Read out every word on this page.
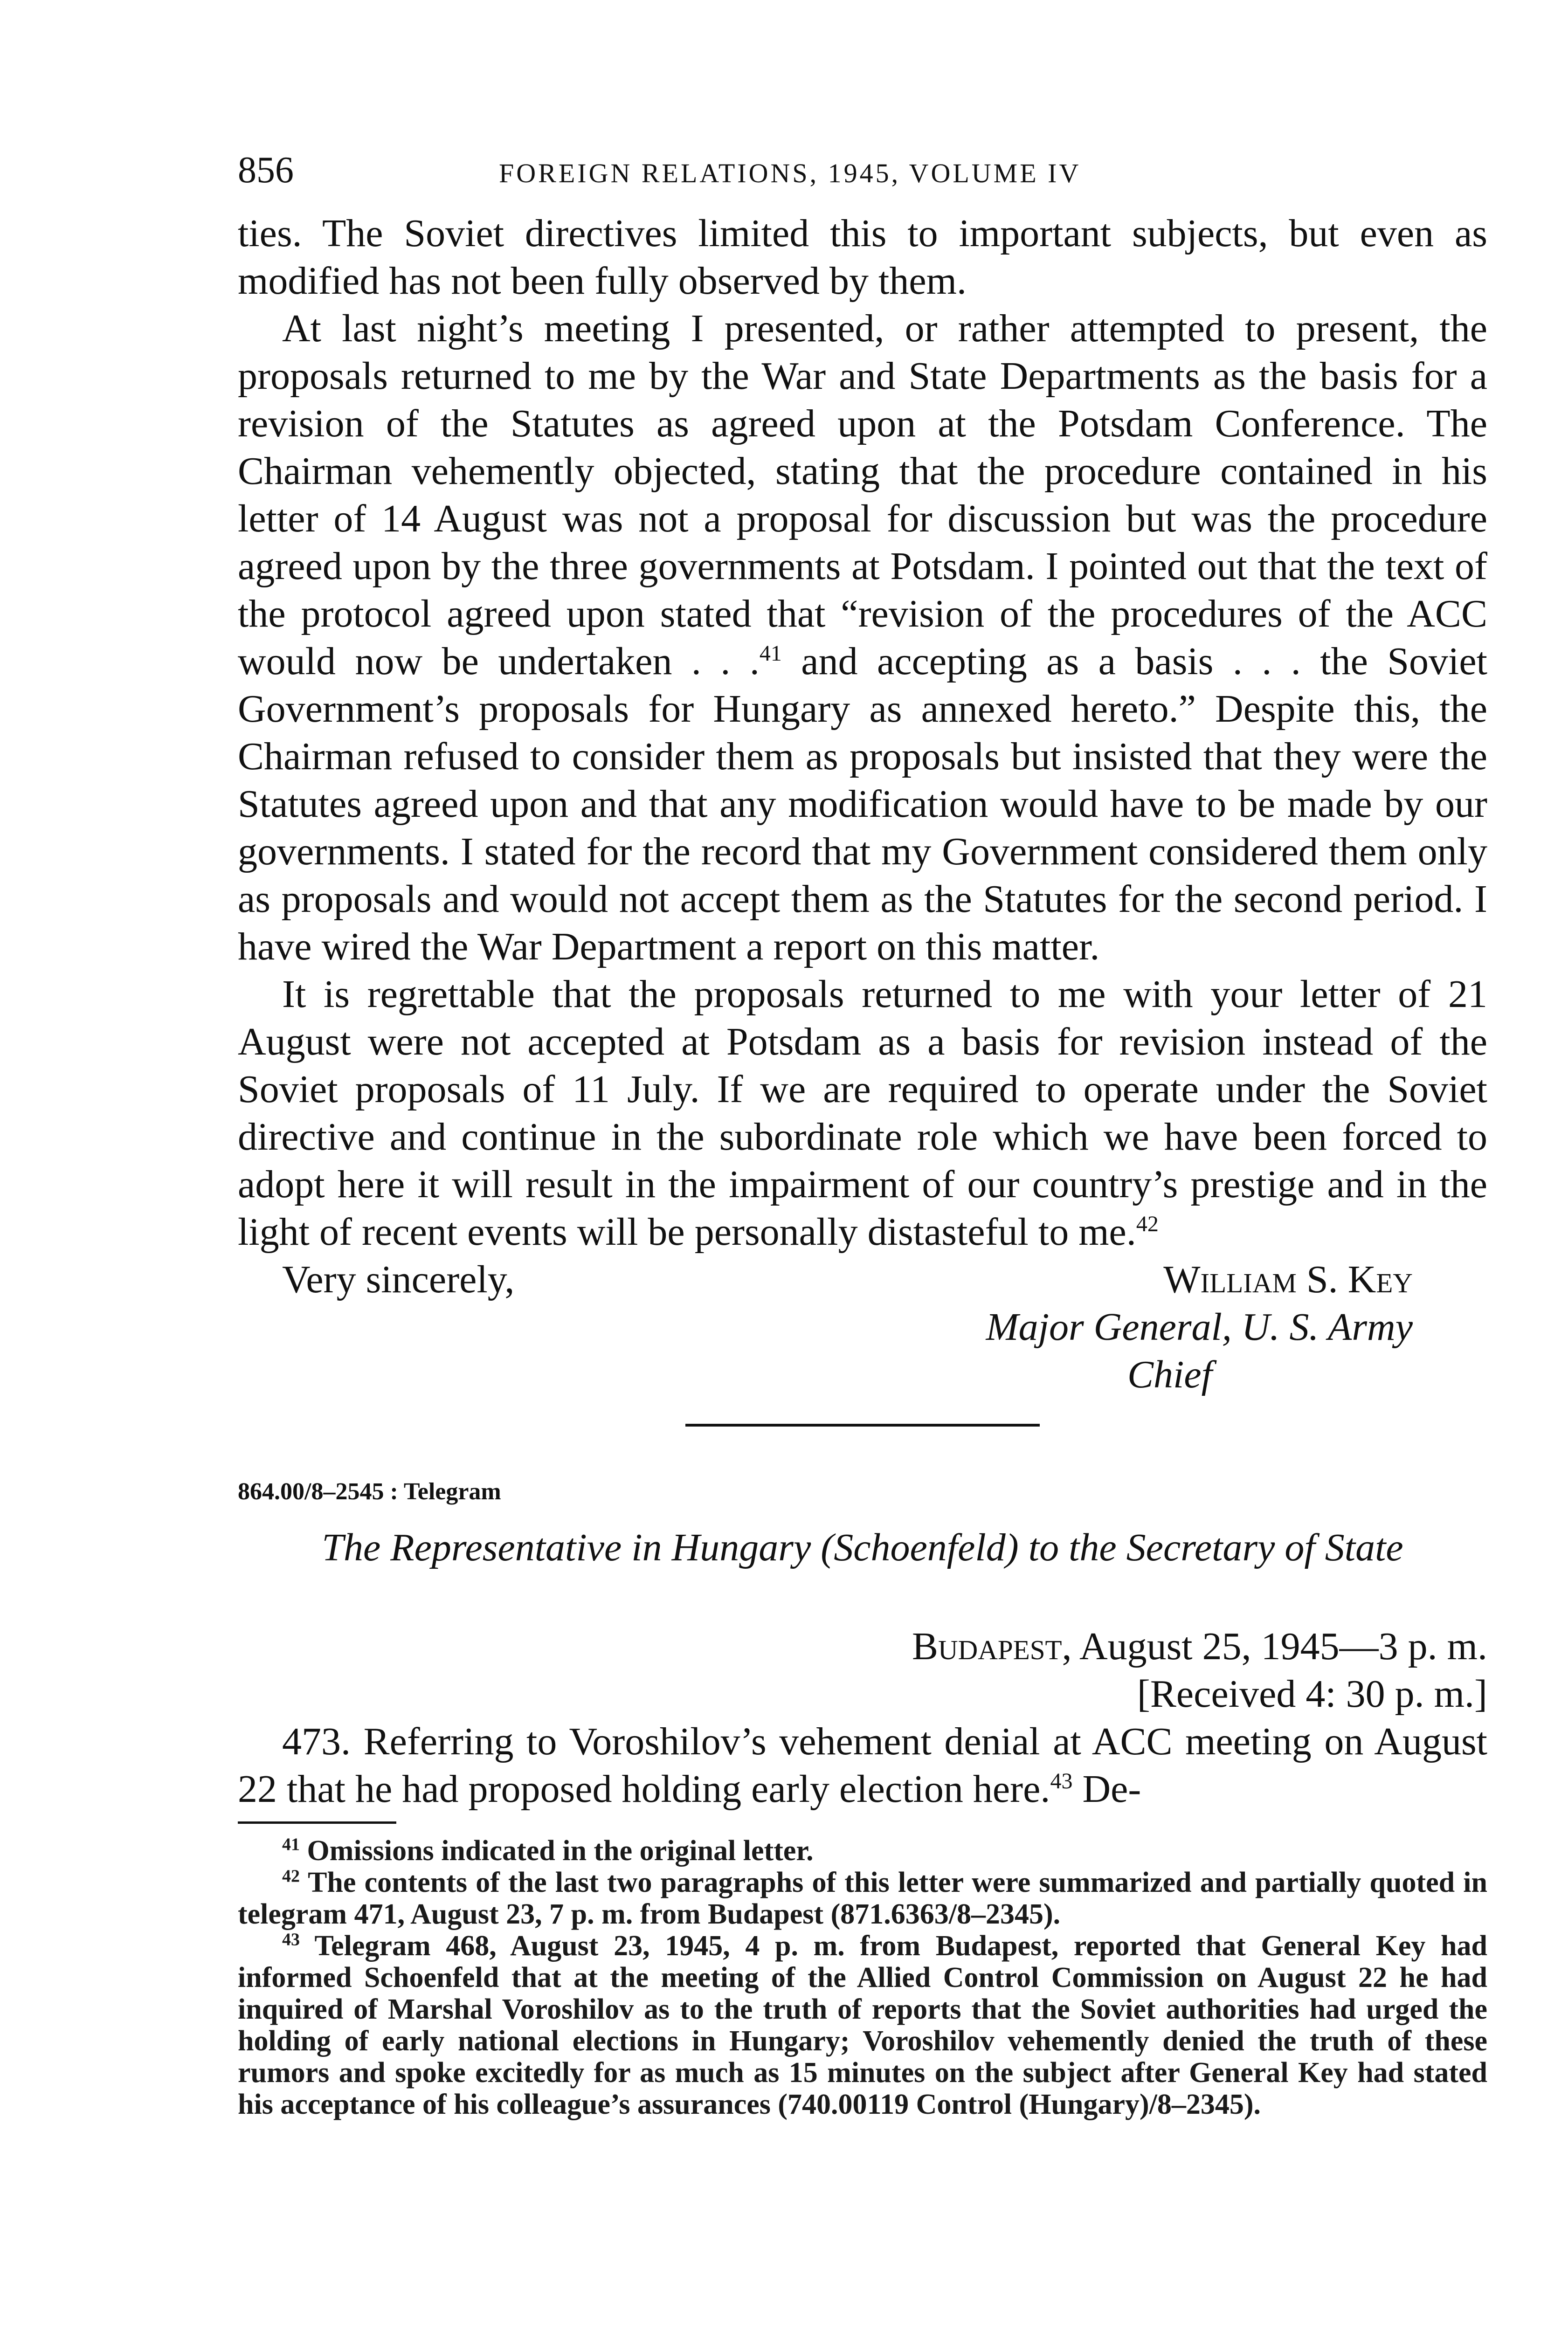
856	FOREIGN RELATIONS, 1945, VOLUME IV

ties. The Soviet directives limited this to important subjects, but even as modified has not been fully observed by them.

At last night’s meeting I presented, or rather attempted to present, the proposals returned to me by the War and State Departments as the basis for a revision of the Statutes as agreed upon at the Potsdam Conference. The Chairman vehemently objected, stating that the procedure contained in his letter of 14 August was not a proposal for discussion but was the procedure agreed upon by the three governments at Potsdam. I pointed out that the text of the protocol agreed upon stated that “revision of the procedures of the ACC would now be undertaken . . .$^{41}$ and accepting as a basis . . . the Soviet Government’s proposals for Hungary as annexed hereto.” Despite this, the Chairman refused to consider them as proposals but insisted that they were the Statutes agreed upon and that any modification would have to be made by our governments. I stated for the record that my Government considered them only as proposals and would not accept them as the Statutes for the second period. I have wired the War Department a report on this matter.

It is regrettable that the proposals returned to me with your letter of 21 August were not accepted at Potsdam as a basis for revision instead of the Soviet proposals of 11 July. If we are required to operate under the Soviet directive and continue in the subordinate role which we have been forced to adopt here it will result in the impairment of our country’s prestige and in the light of recent events will be personally distasteful to me.$^{42}$

Very sincerely,	William S. Key
Major General, U. S. Army
Chief
864.00/8–2545 : Telegram
The Representative in Hungary (Schoenfeld) to the Secretary of State
Budapest, August 25, 1945—3 p. m.
[Received 4: 30 p. m.]

473. Referring to Voroshilov’s vehement denial at ACC meeting on August 22 that he had proposed holding early election here.$^{43}$ De-

$^{41}$ Omissions indicated in the original letter.

$^{42}$ The contents of the last two paragraphs of this letter were summarized and partially quoted in telegram 471, August 23, 7 p. m. from Budapest (871.6363/8–2345).

$^{43}$ Telegram 468, August 23, 1945, 4 p. m. from Budapest, reported that General Key had informed Schoenfeld that at the meeting of the Allied Control Commission on August 22 he had inquired of Marshal Voroshilov as to the truth of reports that the Soviet authorities had urged the holding of early national elections in Hungary; Voroshilov vehemently denied the truth of these rumors and spoke excitedly for as much as 15 minutes on the subject after General Key had stated his acceptance of his colleague’s assurances (740.00119 Control (Hungary)/8–2345).
